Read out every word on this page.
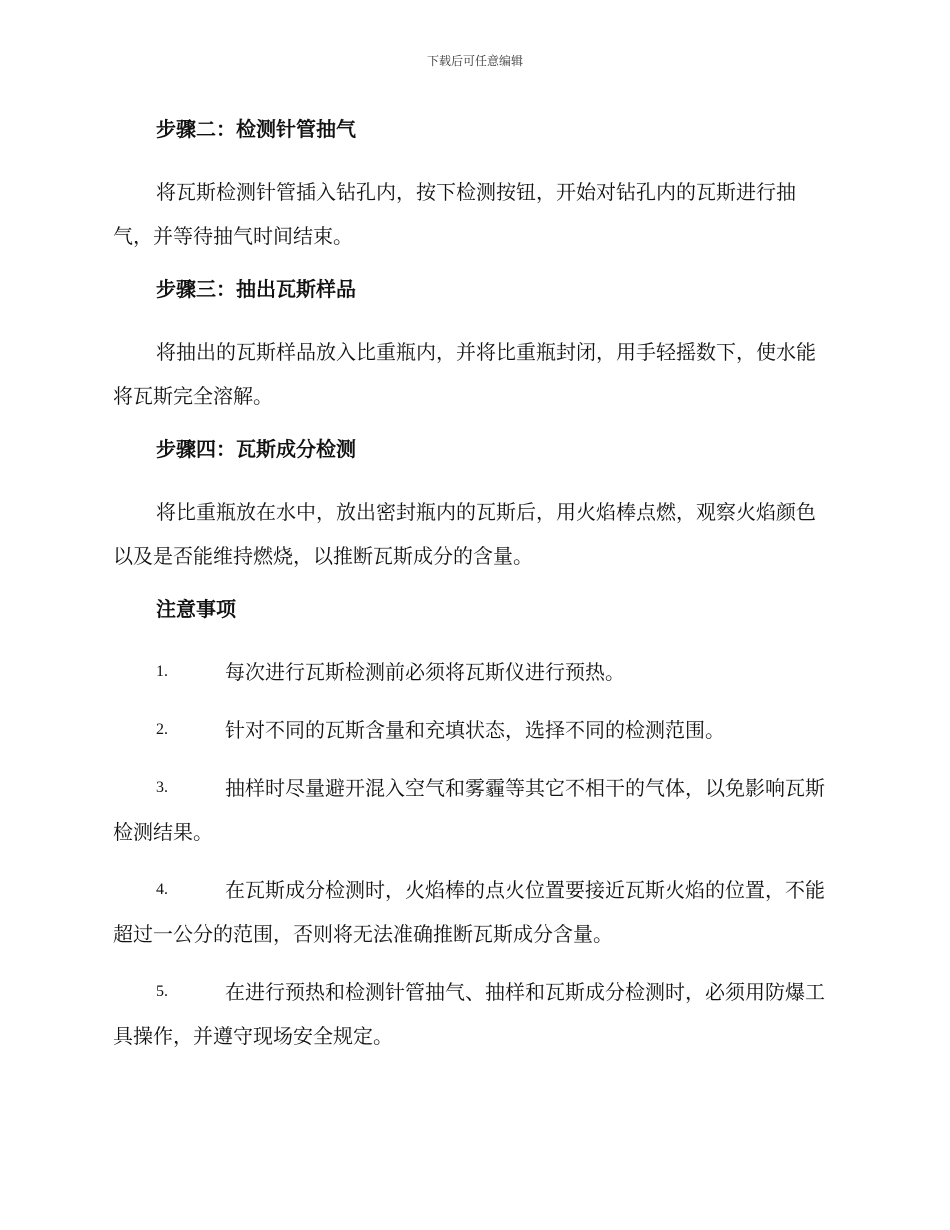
下载后可任意编辑

步骤二：检测针管抽气

将瓦斯检测针管插入钻孔内，按下检测按钮，开始对钻孔内的瓦斯进行抽气，并等待抽气时间结束。

步骤三：抽出瓦斯样品

将抽出的瓦斯样品放入比重瓶内，并将比重瓶封闭，用手轻摇数下，使水能将瓦斯完全溶解。

步骤四：瓦斯成分检测

将比重瓶放在水中，放出密封瓶内的瓦斯后，用火焰棒点燃，观察火焰颜色以及是否能维持燃烧，以推断瓦斯成分的含量。

注意事项

1.	每次进行瓦斯检测前必须将瓦斯仪进行预热。

2.	针对不同的瓦斯含量和充填状态，选择不同的检测范围。

3.	抽样时尽量避开混入空气和雾霾等其它不相干的气体，以免影响瓦斯检测结果。

4.	在瓦斯成分检测时，火焰棒的点火位置要接近瓦斯火焰的位置，不能超过一公分的范围，否则将无法准确推断瓦斯成分含量。

5.	在进行预热和检测针管抽气、抽样和瓦斯成分检测时，必须用防爆工具操作，并遵守现场安全规定。
